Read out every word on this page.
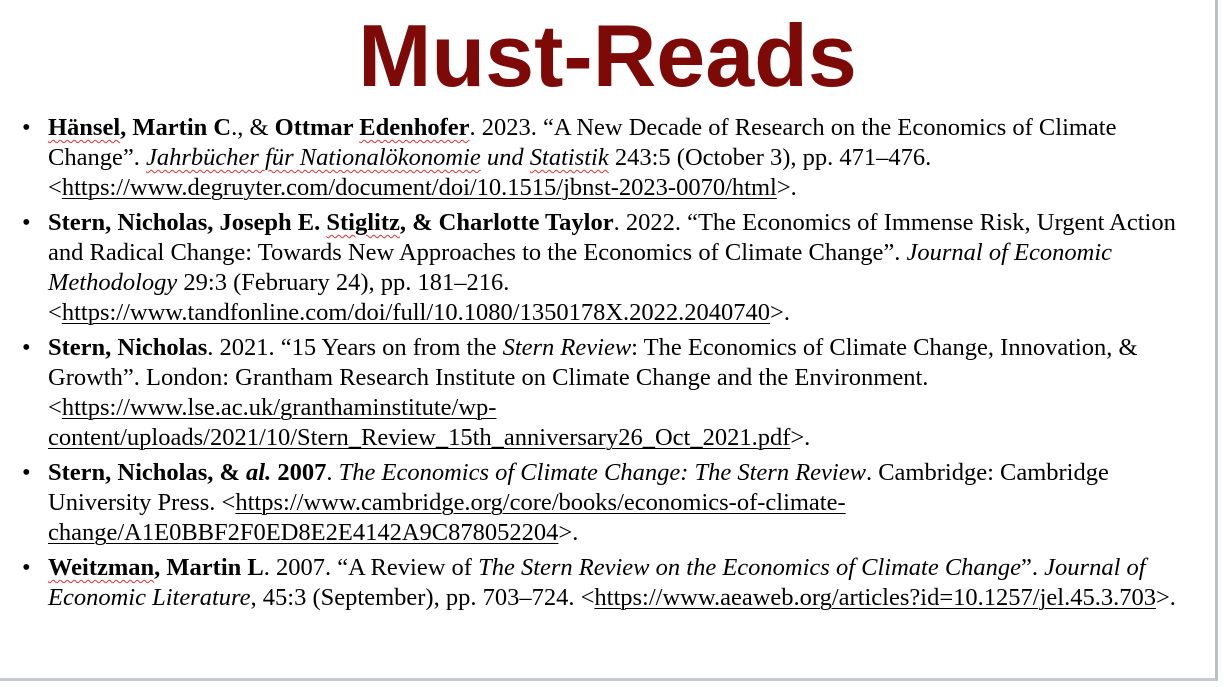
Must-Reads
• Hänsel, Martin C., & Ottmar Edenhofer. 2023. “A New Decade of Research on the Economics of Climate Change”. Jahrbücher für Nationalökonomie und Statistik 243:5 (October 3), pp. 471–476. <https://www.degruyter.com/document/doi/10.1515/jbnst-2023-0070/html>.
• Stern, Nicholas, Joseph E. Stiglitz, & Charlotte Taylor. 2022. “The Economics of Immense Risk, Urgent Action and Radical Change: Towards New Approaches to the Economics of Climate Change”. Journal of Economic Methodology 29:3 (February 24), pp. 181–216. <https://www.tandfonline.com/doi/full/10.1080/1350178X.2022.2040740>.
• Stern, Nicholas. 2021. “15 Years on from the Stern Review: The Economics of Climate Change, Innovation, & Growth”. London: Grantham Research Institute on Climate Change and the Environment. <https://www.lse.ac.uk/granthaminstitute/wp-content/uploads/2021/10/Stern_Review_15th_anniversary26_Oct_2021.pdf>.
• Stern, Nicholas, & al. 2007. The Economics of Climate Change: The Stern Review. Cambridge: Cambridge University Press. <https://www.cambridge.org/core/books/economics-of-climate-change/A1E0BBF2F0ED8E2E4142A9C878052204>.
• Weitzman, Martin L. 2007. “A Review of The Stern Review on the Economics of Climate Change”. Journal of Economic Literature, 45:3 (September), pp. 703–724. <https://www.aeaweb.org/articles?id=10.1257/jel.45.3.703>.
